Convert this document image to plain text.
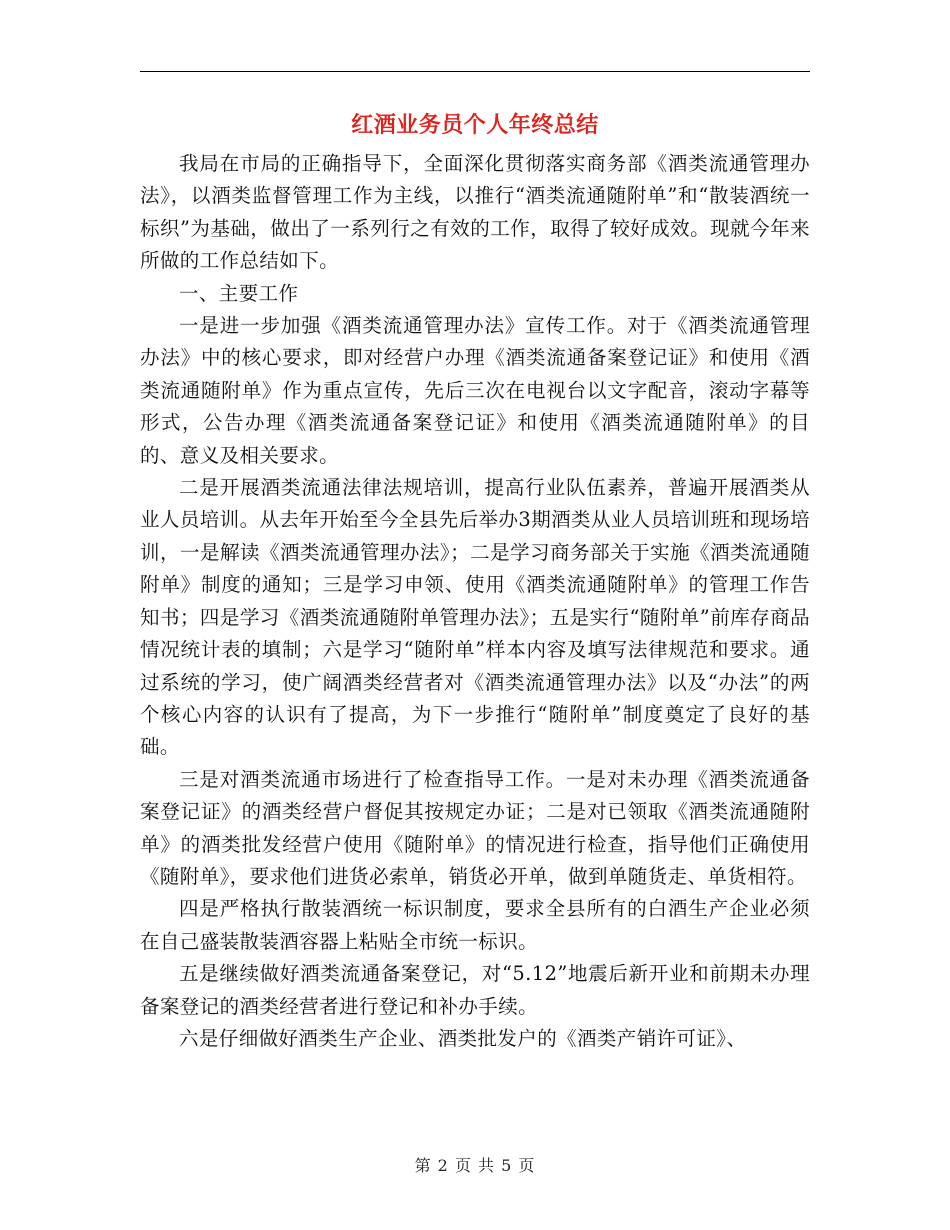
红酒业务员个人年终总结

我局在市局的正确指导下，全面深化贯彻落实商务部《酒类流通管理办法》，以酒类监督管理工作为主线，以推行“酒类流通随附单”和“散装酒统一标织”为基础，做出了一系列行之有效的工作，取得了较好成效。现就今年来所做的工作总结如下。

一、主要工作

一是进一步加强《酒类流通管理办法》宣传工作。对于《酒类流通管理办法》中的核心要求，即对经营户办理《酒类流通备案登记证》和使用《酒类流通随附单》作为重点宣传，先后三次在电视台以文字配音，滚动字幕等形式，公告办理《酒类流通备案登记证》和使用《酒类流通随附单》的目的、意义及相关要求。

二是开展酒类流通法律法规培训，提高行业队伍素养，普遍开展酒类从业人员培训。从去年开始至今全县先后举办3期酒类从业人员培训班和现场培训，一是解读《酒类流通管理办法》；二是学习商务部关于实施《酒类流通随附单》制度的通知；三是学习申领、使用《酒类流通随附单》的管理工作告知书；四是学习《酒类流通随附单管理办法》；五是实行“随附单”前库存商品情况统计表的填制；六是学习“随附单”样本内容及填写法律规范和要求。通过系统的学习，使广阔酒类经营者对《酒类流通管理办法》以及“办法”的两个核心内容的认识有了提高，为下一步推行“随附单”制度奠定了良好的基础。

三是对酒类流通市场进行了检查指导工作。一是对未办理《酒类流通备案登记证》的酒类经营户督促其按规定办证；二是对已领取《酒类流通随附单》的酒类批发经营户使用《随附单》的情况进行检查，指导他们正确使用《随附单》，要求他们进货必索单，销货必开单，做到单随货走、单货相符。

四是严格执行散装酒统一标识制度，要求全县所有的白酒生产企业必须在自己盛装散装酒容器上粘贴全市统一标识。

五是继续做好酒类流通备案登记，对“5.12”地震后新开业和前期未办理备案登记的酒类经营者进行登记和补办手续。

六是仔细做好酒类生产企业、酒类批发户的《酒类产销许可证》、

第 2 页 共 5 页
